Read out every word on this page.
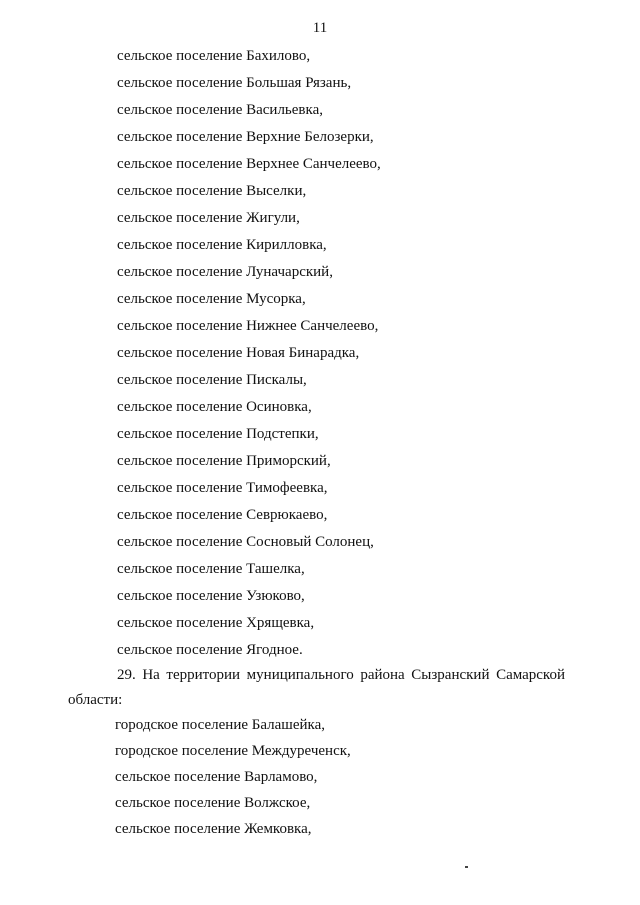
11
сельское поселение Бахилово,
сельское поселение Большая Рязань,
сельское поселение Васильевка,
сельское поселение Верхние Белозерки,
сельское поселение Верхнее Санчелеево,
сельское поселение Выселки,
сельское поселение Жигули,
сельское поселение Кирилловка,
сельское поселение Луначарский,
сельское поселение Мусорка,
сельское поселение Нижнее Санчелеево,
сельское поселение Новая Бинарадка,
сельское поселение Пискалы,
сельское поселение Осиновка,
сельское поселение Подстепки,
сельское поселение Приморский,
сельское поселение Тимофеевка,
сельское поселение Севрюкаево,
сельское поселение Сосновый Солонец,
сельское поселение Ташелка,
сельское поселение Узюково,
сельское поселение Хрящевка,
сельское поселение Ягодное.
29. На территории муниципального района Сызранский Самарской
области:
городское поселение Балашейка,
городское поселение Междуреченск,
сельское поселение Варламово,
сельское поселение Волжское,
сельское поселение Жемковка,
